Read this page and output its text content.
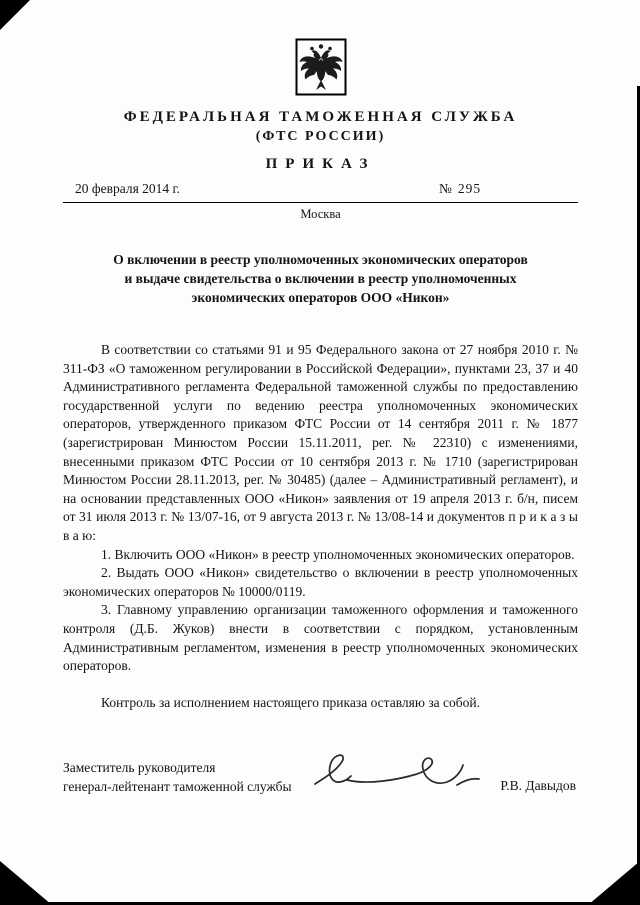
ФЕДЕРАЛЬНАЯ ТАМОЖЕННАЯ СЛУЖБА
(ФТС РОССИИ)
ПРИКАЗ
20 февраля 2014 г.	№ 295
Москва
О включении в реестр уполномоченных экономических операторов
и выдаче свидетельства о включении в реестр уполномоченных
экономических операторов ООО «Никон»

В соответствии со статьями 91 и 95 Федерального закона от 27 ноября 2010 г. № 311-ФЗ «О таможенном регулировании в Российской Федерации», пунктами 23, 37 и 40 Административного регламента Федеральной таможенной службы по предоставлению государственной услуги по ведению реестра уполномоченных экономических операторов, утвержденного приказом ФТС России от 14 сентября 2011 г. № 1877 (зарегистрирован Минюстом России 15.11.2011, рег. № 22310) с изменениями, внесенными приказом ФТС России от 10 сентября 2013 г. № 1710 (зарегистрирован Минюстом России 28.11.2013, рег. № 30485) (далее – Административный регламент), и на основании представленных ООО «Никон» заявления от 19 апреля 2013 г. б/н, писем от 31 июля 2013 г. № 13/07-16, от 9 августа 2013 г. № 13/08-14 и документов п р и к а з ы в а ю:

1. Включить ООО «Никон» в реестр уполномоченных экономических операторов.

2. Выдать ООО «Никон» свидетельство о включении в реестр уполномоченных экономических операторов № 10000/0119.

3. Главному управлению организации таможенного оформления и таможенного контроля (Д.Б. Жуков) внести в соответствии с порядком, установленным Административным регламентом, изменения в реестр уполномоченных экономических операторов.

Контроль за исполнением настоящего приказа оставляю за собой.

Заместитель руководителя
генерал-лейтенант таможенной службы	Р.В. Давыдов
